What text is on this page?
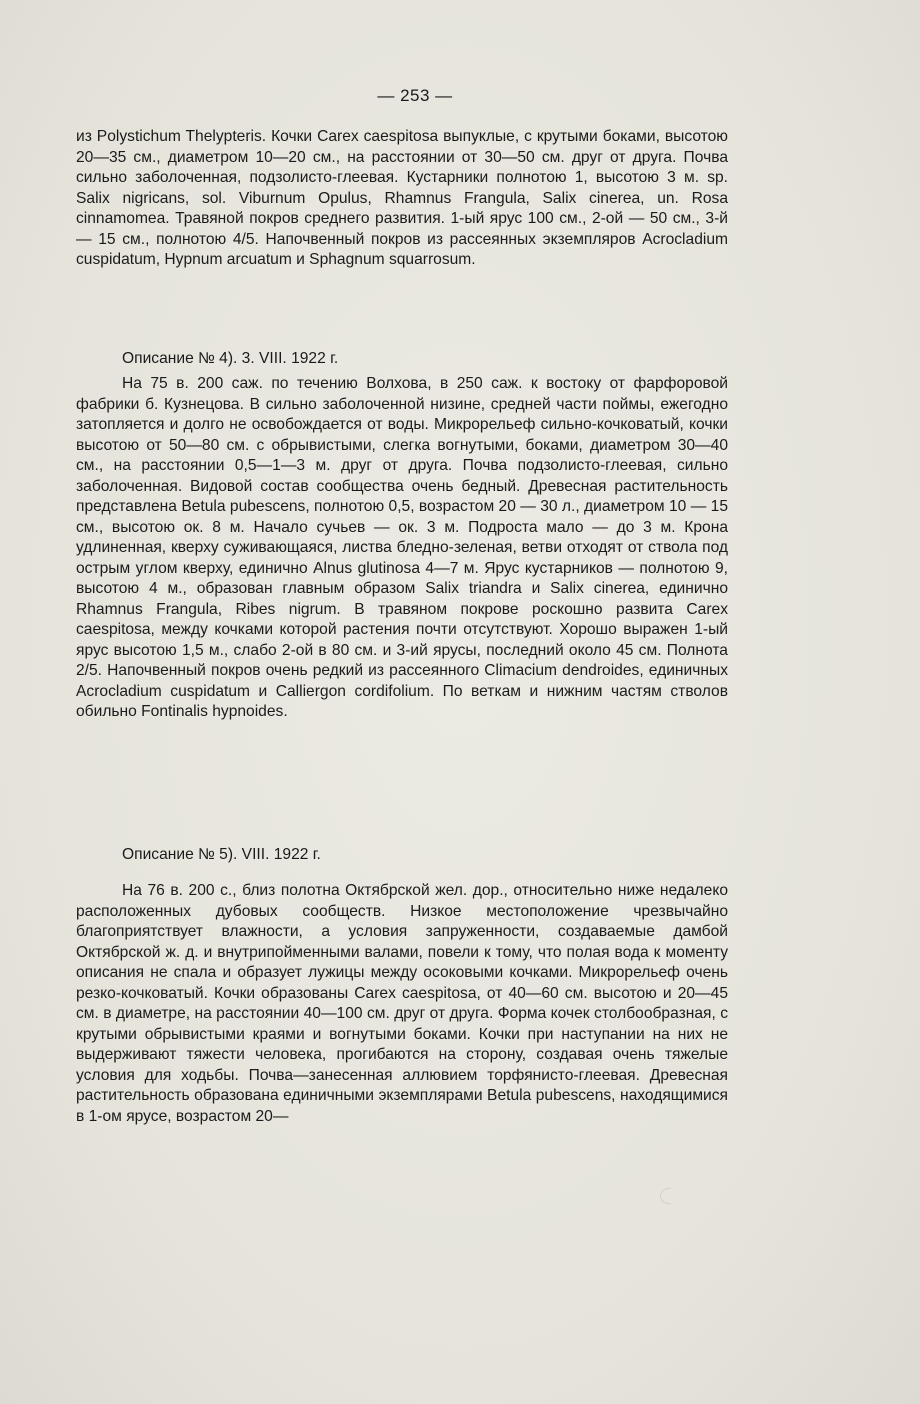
— 253 —

из Polystichum Thelypteris. Кочки Carex caespitosa выпуклые, с крутыми боками, высотою 20—35 см., диаметром 10—20 см., на расстоянии от 30—50 см. друг от друга. Почва сильно заболоченная, подзолисто-глеевая. Кустарники полнотою 1, высотою 3 м. sp. Salix nigricans, sol. Viburnum Opulus, Rhamnus Frangula, Salix cinerea, un. Rosa cinnamomea. Травяной покров среднего развития. 1-ый ярус 100 см., 2-ой — 50 см., 3-й — 15 см., полнотою 4/5. Напочвенный покров из рассеянных экземпляров Acrocladium cuspidatum, Hypnum arcuatum и Sphagnum squarrosum.

Описание № 4). 3. VIII. 1922 г.

На 75 в. 200 саж. по течению Волхова, в 250 саж. к востоку от фарфоровой фабрики б. Кузнецова. В сильно заболоченной низине, средней части поймы, ежегодно затопляется и долго не освобождается от воды. Микрорельеф сильно-кочковатый, кочки высотою от 50—80 см. с обрывистыми, слегка вогнутыми, боками, диаметром 30—40 см., на расстоянии 0,5—1—3 м. друг от друга. Почва подзолисто-глеевая, сильно заболоченная. Видовой состав сообщества очень бедный. Древесная растительность представлена Betula pubescens, полнотою 0,5, возрастом 20 — 30 л., диаметром 10 — 15 см., высотою ок. 8 м. Начало сучьев — ок. 3 м. Подроста мало — до 3 м. Крона удлиненная, кверху суживающаяся, листва бледно-зеленая, ветви отходят от ствола под острым углом кверху, единично Alnus glutinosa 4—7 м. Ярус кустарников — полнотою 9, высотою 4 м., образован главным образом Salix triandra и Salix cinerea, единично Rhamnus Frangula, Ribes nigrum. В травяном покрове роскошно развита Carex caespitosa, между кочками которой растения почти отсутствуют. Хорошо выражен 1-ый ярус высотою 1,5 м., слабо 2-ой в 80 см. и 3-ий ярусы, последний около 45 см. Полнота 2/5. Напочвенный покров очень редкий из рассеянного Climacium dendroides, единичных Acrocladium cuspidatum и Calliergon cordifolium. По веткам и нижним частям стволов обильно Fontinalis hypnoides.

Описание № 5). VIII. 1922 г.

На 76 в. 200 с., близ полотна Октябрской жел. дор., относительно ниже недалеко расположенных дубовых сообществ. Низкое местоположение чрезвычайно благоприятствует влажности, а условия запруженности, создаваемые дамбой Октябрской ж. д. и внутрипойменными валами, повели к тому, что полая вода к моменту описания не спала и образует лужицы между осоковыми кочками. Микрорельеф очень резко-кочковатый. Кочки образованы Carex caespitosa, от 40—60 см. высотою и 20—45 см. в диаметре, на расстоянии 40—100 см. друг от друга. Форма кочек столбообразная, с крутыми обрывистыми краями и вогнутыми боками. Кочки при наступании на них не выдерживают тяжести человека, прогибаются на сторону, создавая очень тяжелые условия для ходьбы. Почва—занесенная аллювием торфянисто-глеевая. Древесная растительность образована единичными экземплярами Betula pubescens, находящимися в 1-ом ярусе, возрастом 20—
